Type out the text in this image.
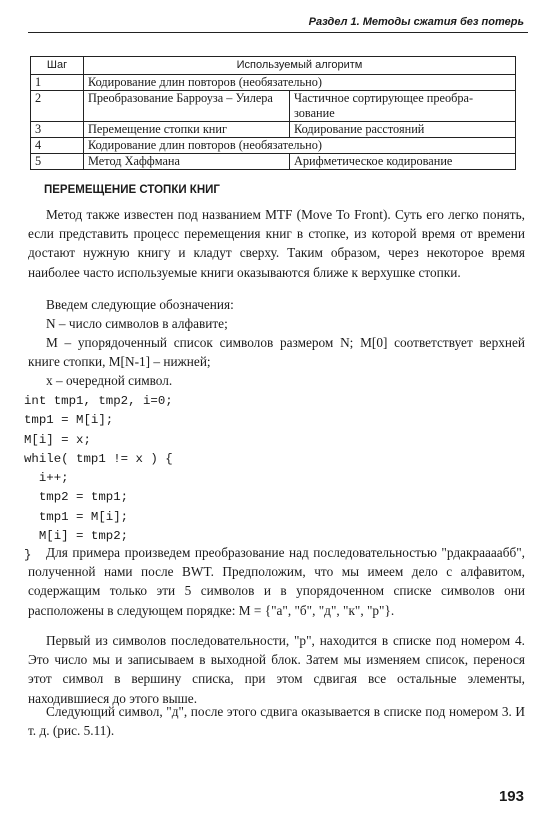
Раздел 1. Методы сжатия без потерь
Шаг	Используемый алгоритм	
1	Кодирование длин повторов (необязательно)	
2	Преобразование Барроуза – Уилера	Частичное сортирующее преобра-зование
3	Перемещение стопки книг	Кодирование расстояний
4	Кодирование длин повторов (необязательно)	
5	Метод Хаффмана	Арифметическое кодирование
ПЕРЕМЕЩЕНИЕ СТОПКИ КНИГ

Метод также известен под названием MTF (Move To Front). Суть его легко понять, если представить процесс перемещения книг в стопке, из которой время от времени достают нужную книгу и кладут сверху. Таким образом, через некоторое время наиболее часто используемые книги оказываются ближе к верхушке стопки.

Введем следующие обозначения:

N – число символов в алфавите;

M – упорядоченный список символов размером N; M[0] соответствует верхней книге стопки, M[N-1] – нижней;

x – очередной символ.

int tmp1, tmp2, i=0;
tmp1 = M[i];
M[i] = x;
while( tmp1 != x ) {
i++;
tmp2 = tmp1;
tmp1 = M[i];
M[i] = tmp2;
}	Для примера произведем преобразование над последовательностью "рдакраааабб", полученной нами после BWT. Предположим, что мы имеем дело с алфавитом, содержащим только эти 5 символов и в упорядоченном списке символов они расположены в следующем порядке: М = {"а", "б", "д", "к", "р"}.

Первый из символов последовательности, "р", находится в списке под номером 4. Это число мы и записываем в выходной блок. Затем мы изменяем список, перенося этот символ в вершину списка, при этом сдвигая все остальные элементы, находившиеся до этого выше.

Следующий символ, "д", после этого сдвига оказывается в списке под номером 3. И т. д. (рис. 5.11).

193
